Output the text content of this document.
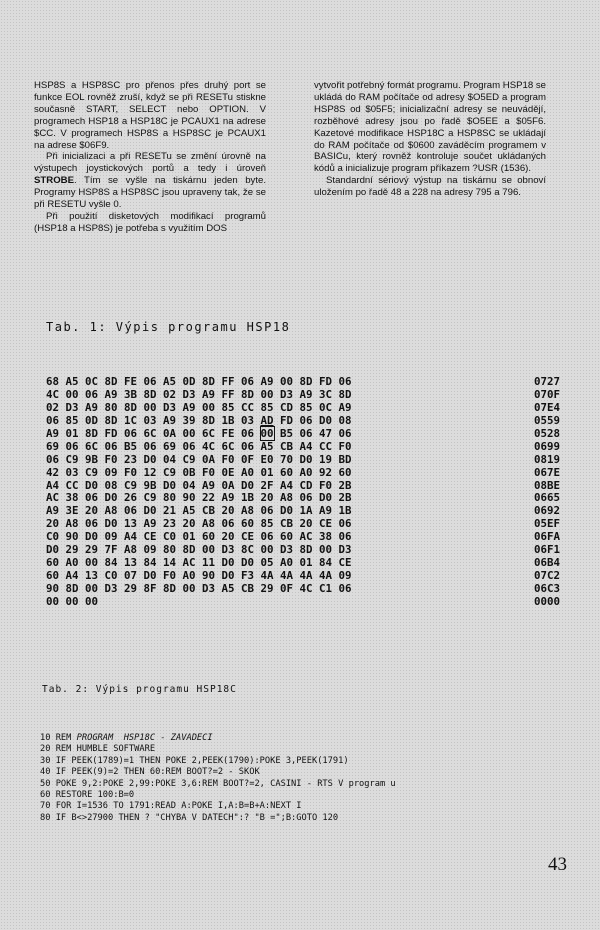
HSP8S a HSP8SC pro přenos přes druhý port se funkce EOL rovněž zruší, když se při RESETu stiskne současně START, SELECT nebo OPTION. V programech HSP18 a HSP18C je PCAUX1 na adrese $CC. V programech HSP8S a HSP8SC je PCAUX1 na adrese $06F9.

Při inicializaci a při RESETu se změní úrovně na výstupech joystickových portů a tedy i úroveň STROBE. Tím se vyšle na tiskárnu jeden byte. Programy HSP8S a HSP8SC jsou upraveny tak, že se při RESETU vyšle 0.

Při použití disketových modifikací programů (HSP18 a HSP8S) je potřeba s využitím DOS

vytvořit potřebný formát programu. Program HSP18 se ukládá do RAM počítače od adresy $O5ED a program HSP8S od $05F5; inicializační adresy se neuvádějí, rozběhové adresy jsou po řadě $O5EE a $05F6. Kazetové modifikace HSP18C a HSP8SC se ukládají do RAM počítače od $0600 zaváděcím programem v BASICu, který rovněž kontroluje součet ukládaných kódů a inicializuje program příkazem ?USR (1536).

Standardní sériový výstup na tiskárnu se obnoví uložením po řadě 48 a 228 na adresy 795 a 796.

Tab. 1: Výpis programu HSP18
68 A5 0C 8D FE 06 A5 0D 8D FF 06 A9 00 8D FD 06	0727
4C 00 06 A9 3B 8D 02 D3 A9 FF 8D 00 D3 A9 3C 8D	070F
02 D3 A9 80 8D 00 D3 A9 00 85 CC 85 CD 85 0C A9	07E4
06 85 0D 8D 1C 03 A9 39 8D 1B 03 AD FD 06 D0 08	0559
A9 01 8D FD 06 6C 0A 00 6C FE 06 00 B5 06 47 06	0528
69 06 6C 06 B5 06 69 06 4C 6C 06 A5 CB A4 CC F0	0699
06 C9 9B F0 23 D0 04 C9 0A F0 0F E0 70 D0 19 BD	0819
42 03 C9 09 F0 12 C9 0B F0 0E A0 01 60 A0 92 60	067E
A4 CC D0 08 C9 9B D0 04 A9 0A D0 2F A4 CD F0 2B	08BE
AC 38 06 D0 26 C9 80 90 22 A9 1B 20 A8 06 D0 2B	0665
A9 3E 20 A8 06 D0 21 A5 CB 20 A8 06 D0 1A A9 1B	0692
20 A8 06 D0 13 A9 23 20 A8 06 60 85 CB 20 CE 06	05EF
C0 90 D0 09 A4 CE C0 01 60 20 CE 06 60 AC 38 06	06FA
D0 29 29 7F A8 09 80 8D 00 D3 8C 00 D3 8D 00 D3	06F1
60 A0 00 84 13 84 14 AC 11 D0 D0 05 A0 01 84 CE	06B4
60 A4 13 C0 07 D0 F0 A0 90 D0 F3 4A 4A 4A 4A 09	07C2
90 8D 00 D3 29 8F 8D 00 D3 A5 CB 29 0F 4C C1 06	06C3
00 00 00	0000
Tab. 2: Výpis programu HSP18C
10 REM PROGRAM  HSP18C - ZAVADECI
20 REM HUMBLE SOFTWARE
30 IF PEEK(1789)=1 THEN POKE 2,PEEK(1790):POKE 3,PEEK(1791)
40 IF PEEK(9)=2 THEN 60:REM BOOT?=2 - SKOK
50 POKE 9,2:POKE 2,99:POKE 3,6:REM BOOT?=2, CASINI - RTS V program u
60 RESTORE 100:B=0
70 FOR I=1536 TO 1791:READ A:POKE I,A:B=B+A:NEXT I
80 IF B<>27900 THEN ? "CHYBA V DATECH":? "B =";B:GOTO 120
43
